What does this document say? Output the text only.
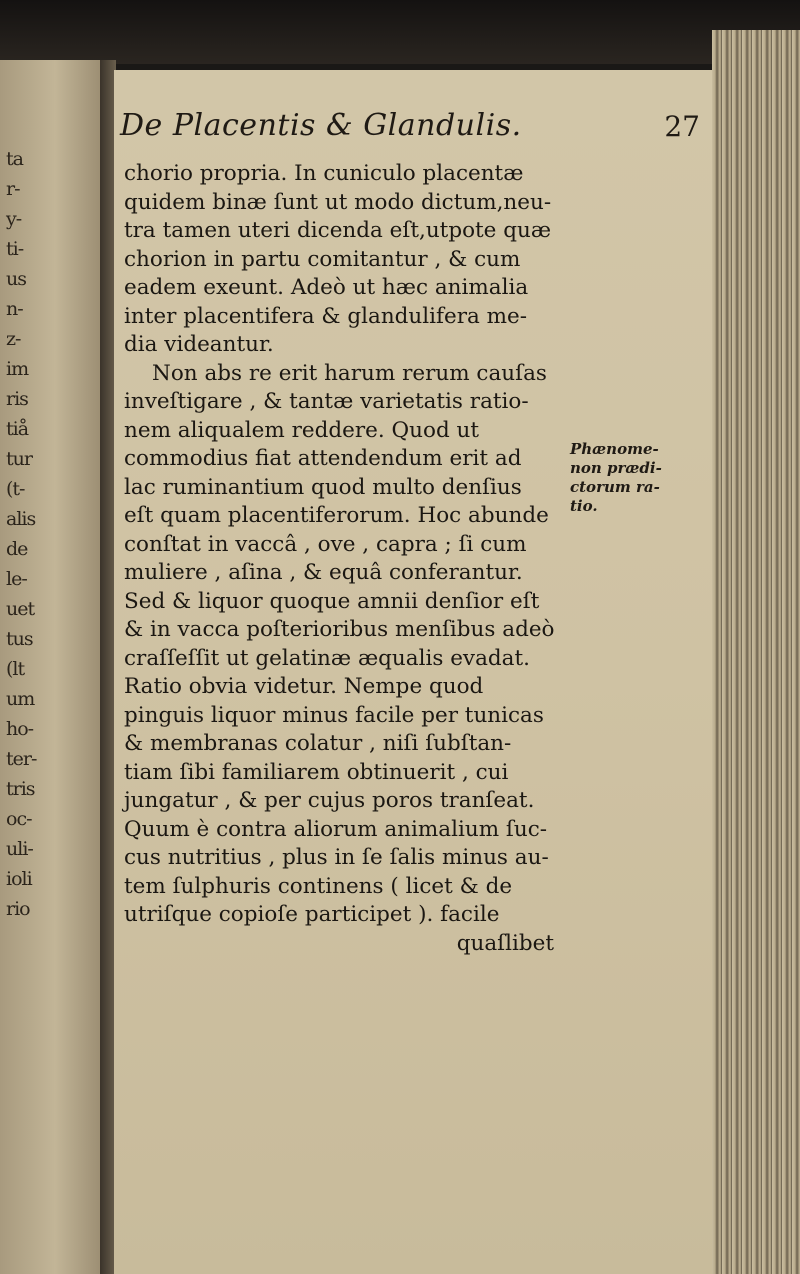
ta
r-
y-
ti-
us
n-
z-
im
ris
tiå
tur
(t-
alis
de
le-
uet
tus
(lt
um
ho-
ter-
tris
oc-
uli-
ioli
rio
De Placentis & Glandulis.	27
chorio propria. In cuniculo placentæ
quidem binæ ſunt ut modo dictum,neu-
tra tamen uteri dicenda eſt,utpote quæ
chorion in partu comitantur , & cum
eadem exeunt. Adeò ut hæc animalia
inter placentifera & glandulifera me-
dia videantur.
Non abs re erit harum rerum cauſas
inveſtigare , & tantæ varietatis ratio-
nem aliqualem reddere. Quod ut
commodius fiat attendendum erit ad
lac ruminantium quod multo denſius
eſt quam placentiferorum. Hoc abunde
conſtat in vaccâ , ove , capra ; ſi cum
muliere , aſina , & equâ conferantur.
Sed & liquor quoque amnii denſior eſt
& in vacca poſterioribus menſibus adeò
craſſeſſit ut gelatinæ æqualis evadat.
Ratio obvia videtur. Nempe quod
pinguis liquor minus facile per tunicas
& membranas colatur , niſi ſubſtan-
tiam ſibi familiarem obtinuerit , cui
jungatur , & per cujus poros tranſeat.
Quum è contra aliorum animalium ſuc-
cus nutritius , plus in ſe ſalis minus au-
tem ſulphuris continens ( licet & de
utriſque copioſe participet ). facile
quaſlibet
Phænome-
non prædi-
ctorum ra-
tio.
